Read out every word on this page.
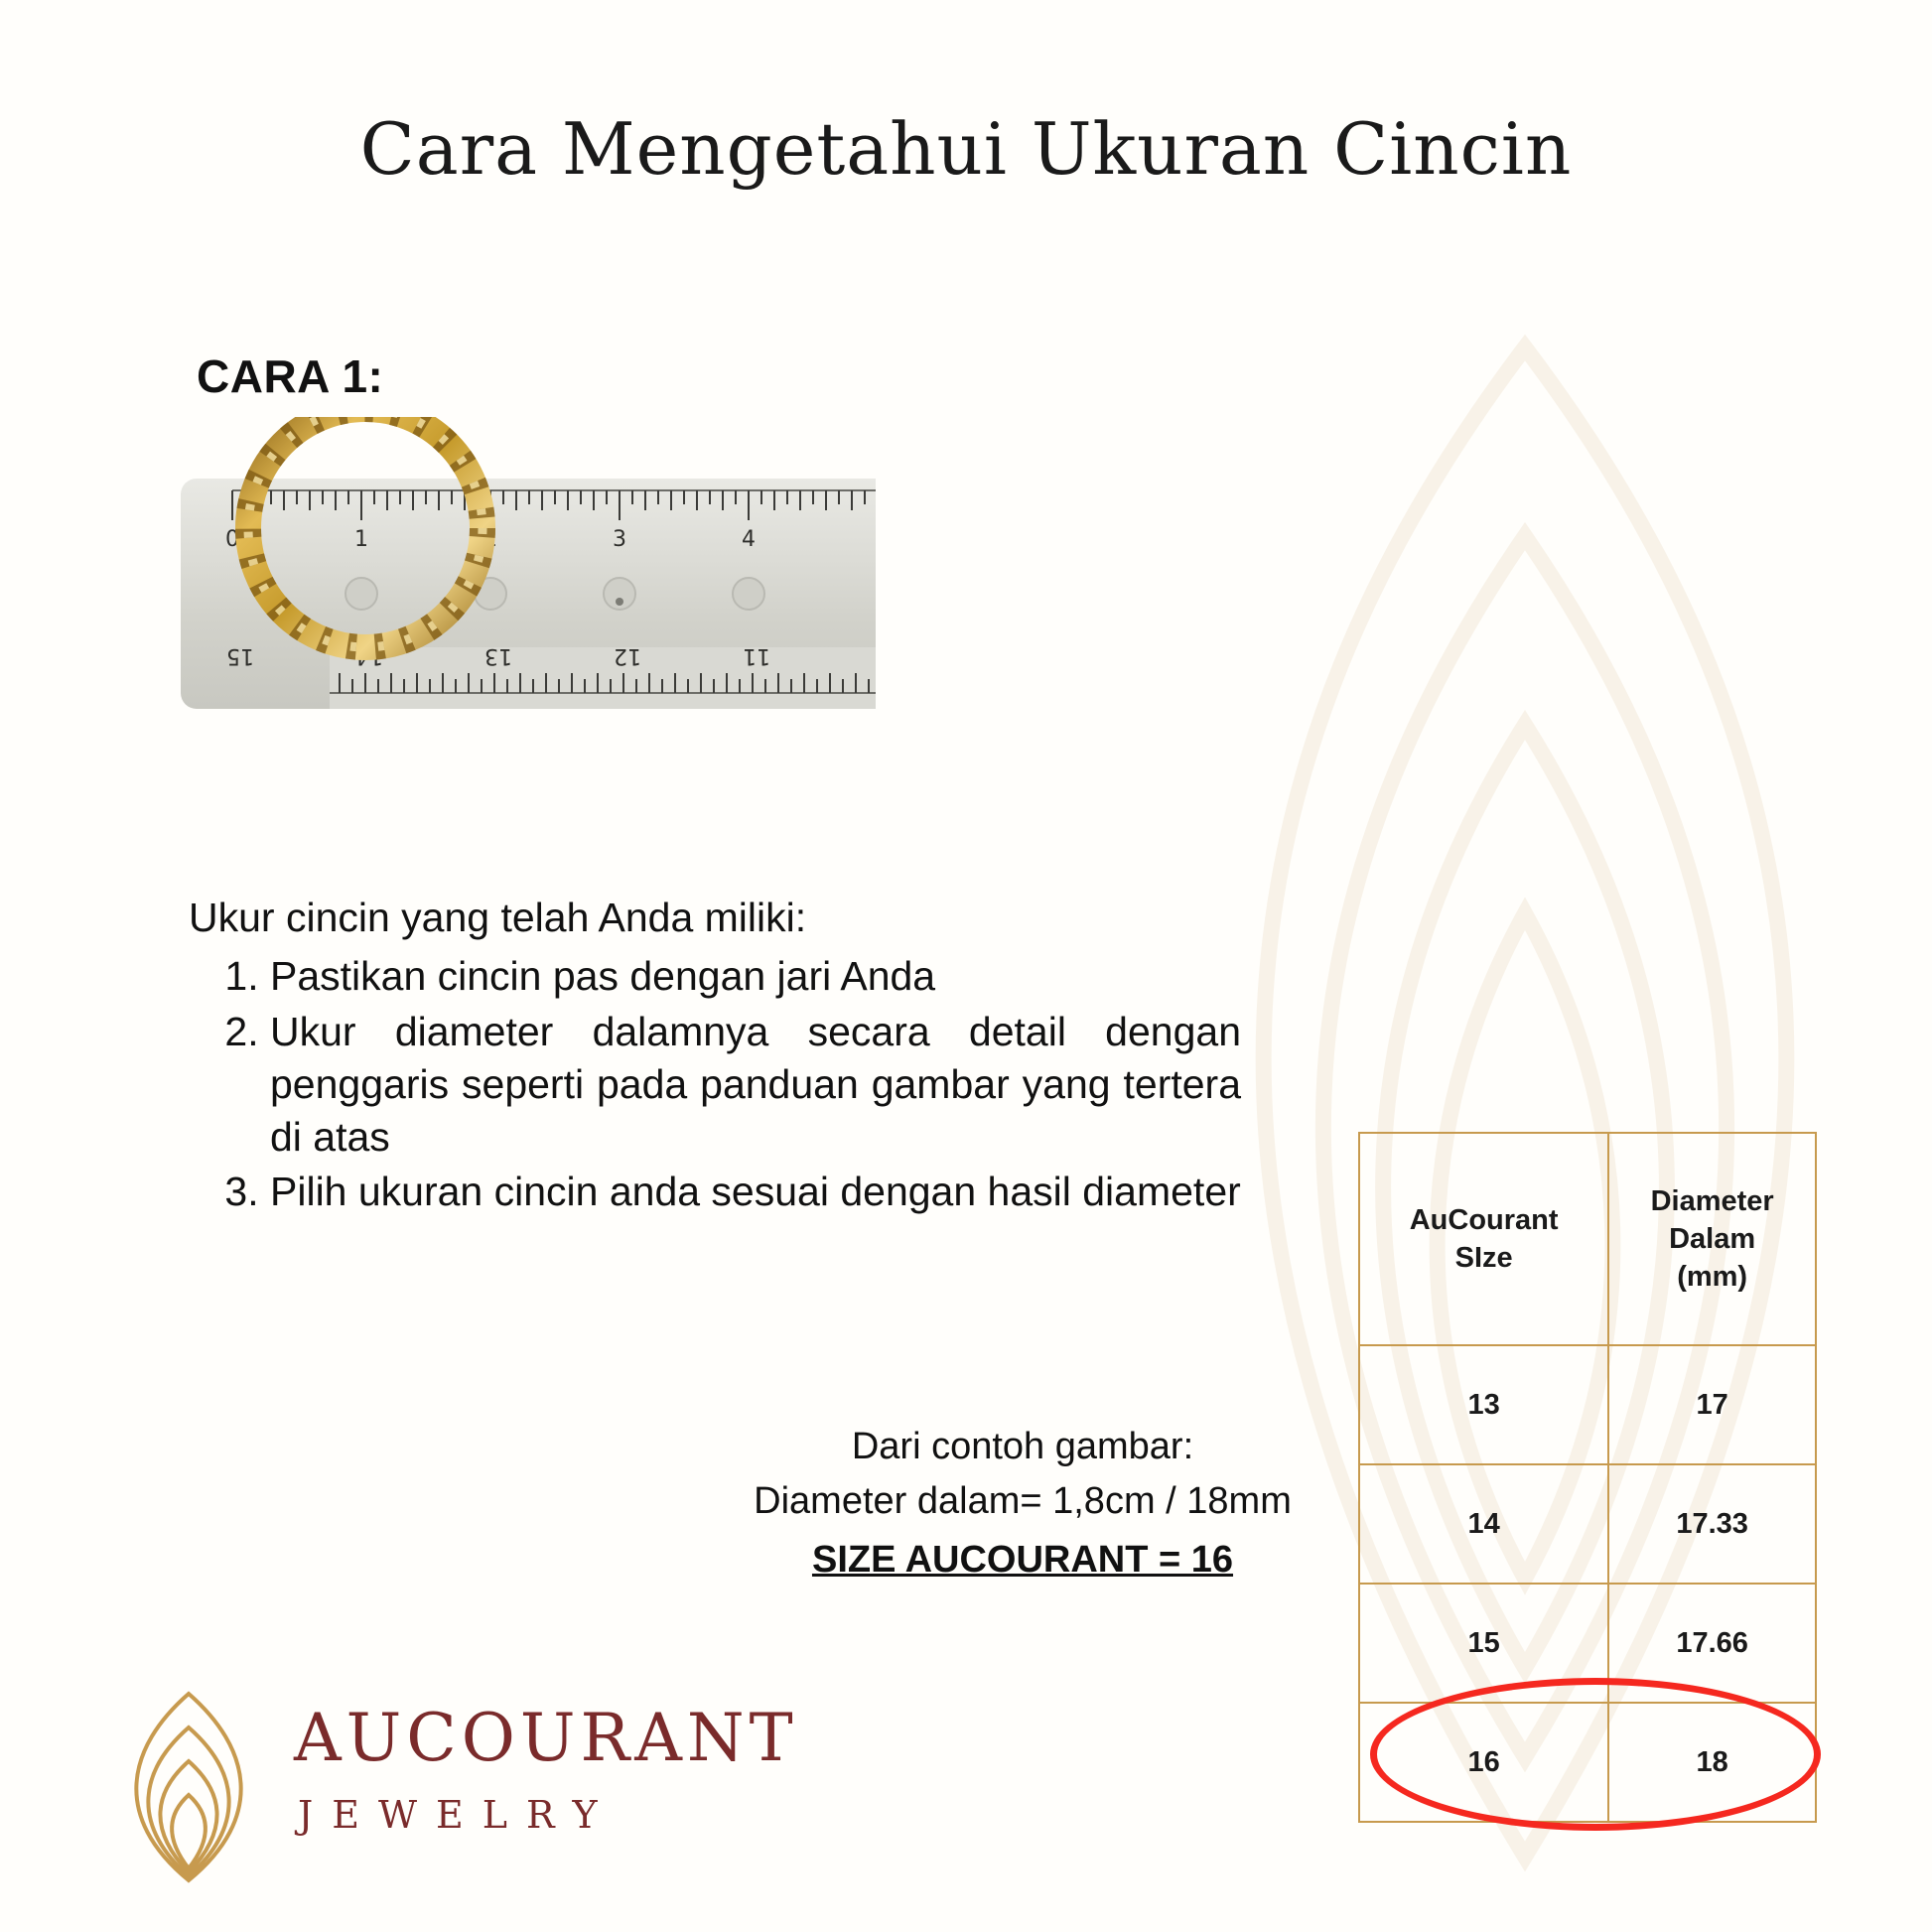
Cara Mengetahui Ukuran Cincin
CARA 1:
0	1	2	3	4
15	14	13	12	11

Ukur cincin yang telah Anda miliki:

1. Pastikan cincin pas dengan jari Anda
2. Ukur diameter dalamnya secara detail dengan penggaris seperti pada panduan gambar yang tertera di atas
3. Pilih ukuran cincin anda sesuai dengan hasil diameter
Dari contoh gambar:
Diameter dalam= 1,8cm / 18mm
SIZE AUCOURANT = 16
AuCourant
SIze

Diameter
Dalam
(mm)

13	17
14	17.33
15	17.66
16	18
AUCOURANT
JEWELRY
